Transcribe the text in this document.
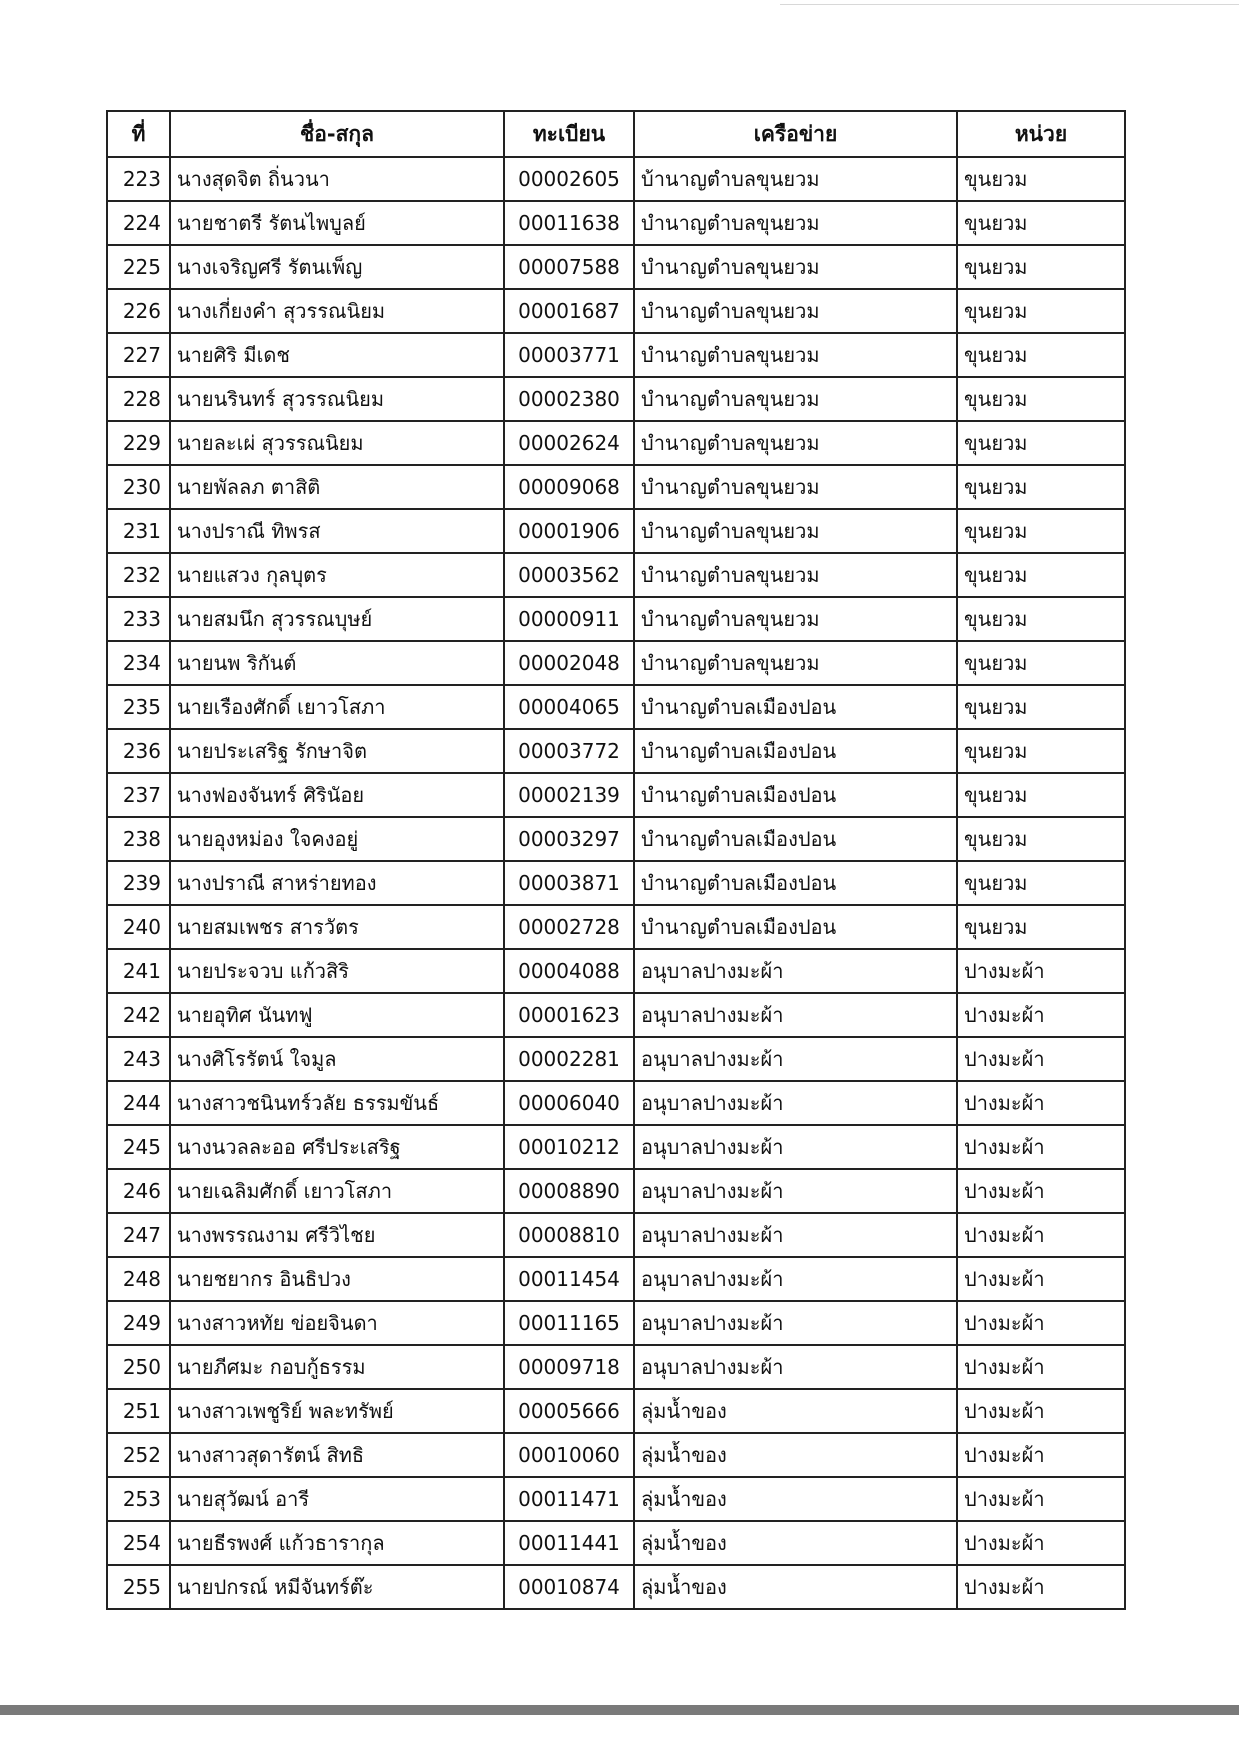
ที่	ชื่อ-สกุล	ทะเบียน	เครือข่าย	หน่วย
223	นางสุดจิต ถิ่นวนา	00002605	บ้านาญตำบลขุนยวม	ขุนยวม
224	นายชาตรี รัตนไพบูลย์	00011638	บำนาญตำบลขุนยวม	ขุนยวม
225	นางเจริญศรี รัตนเพ็ญ	00007588	บำนาญตำบลขุนยวม	ขุนยวม
226	นางเกี่ยงคำ สุวรรณนิยม	00001687	บำนาญตำบลขุนยวม	ขุนยวม
227	นายศิริ มีเดช	00003771	บำนาญตำบลขุนยวม	ขุนยวม
228	นายนรินทร์ สุวรรณนิยม	00002380	บำนาญตำบลขุนยวม	ขุนยวม
229	นายละเผ่ สุวรรณนิยม	00002624	บำนาญตำบลขุนยวม	ขุนยวม
230	นายพัลลภ ตาสิติ	00009068	บำนาญตำบลขุนยวม	ขุนยวม
231	นางปราณี ทิพรส	00001906	บำนาญตำบลขุนยวม	ขุนยวม
232	นายแสวง กุลบุตร	00003562	บำนาญตำบลขุนยวม	ขุนยวม
233	นายสมนึก สุวรรณบุษย์	00000911	บำนาญตำบลขุนยวม	ขุนยวม
234	นายนพ ริกันต์	00002048	บำนาญตำบลขุนยวม	ขุนยวม
235	นายเรืองศักดิ์ เยาวโสภา	00004065	บำนาญตำบลเมืองปอน	ขุนยวม
236	นายประเสริฐ รักษาจิต	00003772	บำนาญตำบลเมืองปอน	ขุนยวม
237	นางฟองจันทร์ ศิรินัอย	00002139	บำนาญตำบลเมืองปอน	ขุนยวม
238	นายอุงหม่อง ใจคงอยู่	00003297	บำนาญตำบลเมืองปอน	ขุนยวม
239	นางปราณี สาหร่ายทอง	00003871	บำนาญตำบลเมืองปอน	ขุนยวม
240	นายสมเพชร สารวัตร	00002728	บำนาญตำบลเมืองปอน	ขุนยวม
241	นายประจวบ แก้วสิริ	00004088	อนุบาลปางมะผ้า	ปางมะผ้า
242	นายอุทิศ นันทฟู	00001623	อนุบาลปางมะผ้า	ปางมะผ้า
243	นางศิโรรัตน์ ใจมูล	00002281	อนุบาลปางมะผ้า	ปางมะผ้า
244	นางสาวชนินทร์วลัย ธรรมขันธ์	00006040	อนุบาลปางมะผ้า	ปางมะผ้า
245	นางนวลละออ ศรีประเสริฐ	00010212	อนุบาลปางมะผ้า	ปางมะผ้า
246	นายเฉลิมศักดิ์ เยาวโสภา	00008890	อนุบาลปางมะผ้า	ปางมะผ้า
247	นางพรรณงาม ศรีวิไชย	00008810	อนุบาลปางมะผ้า	ปางมะผ้า
248	นายชยากร อินธิปวง	00011454	อนุบาลปางมะผ้า	ปางมะผ้า
249	นางสาวหทัย ข่อยจินดา	00011165	อนุบาลปางมะผ้า	ปางมะผ้า
250	นายภีศมะ กอบกู้ธรรม	00009718	อนุบาลปางมะผ้า	ปางมะผ้า
251	นางสาวเพชูริย์ พละทรัพย์	00005666	ลุ่มน้ำของ	ปางมะผ้า
252	นางสาวสุดารัตน์ สิทธิ	00010060	ลุ่มน้ำของ	ปางมะผ้า
253	นายสุวัฒน์ อารี	00011471	ลุ่มน้ำของ	ปางมะผ้า
254	นายธีรพงศ์ แก้วธารากุล	00011441	ลุ่มน้ำของ	ปางมะผ้า
255	นายปกรณ์ หมีจันทร์ต๊ะ	00010874	ลุ่มน้ำของ	ปางมะผ้า
